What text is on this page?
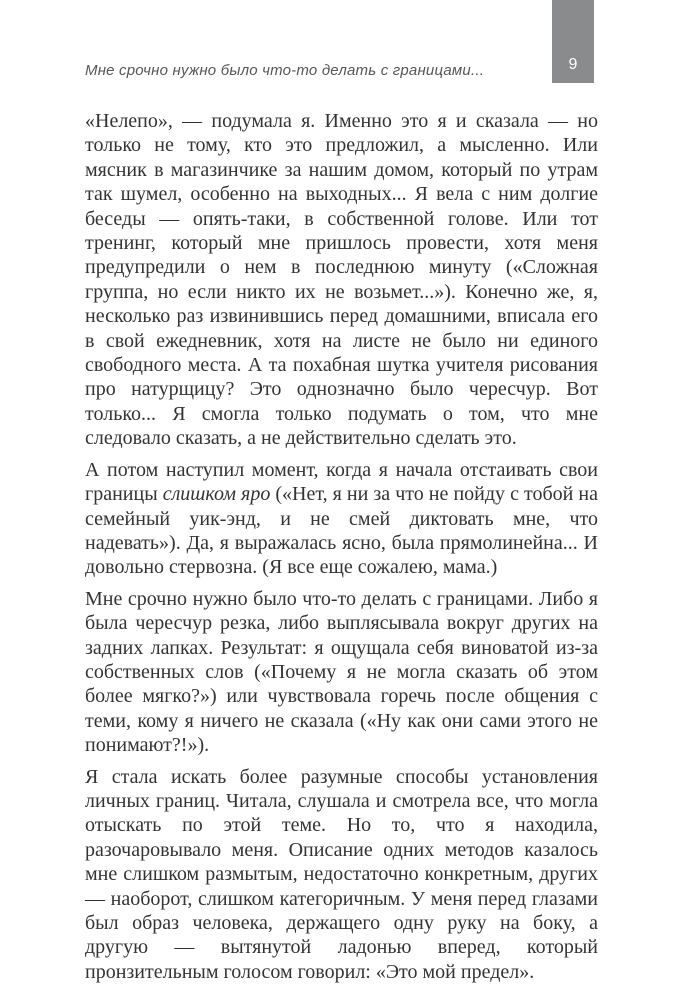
Мне срочно нужно было что-то делать с границами...	9

«Нелепо», — подумала я. Именно это я и сказала — но только не тому, кто это предложил, а мысленно. Или мясник в магазинчике за нашим домом, который по утрам так шумел, особенно на выходных... Я вела с ним долгие беседы — опять-таки, в собственной голове. Или тот тренинг, который мне пришлось провести, хотя меня предупредили о нем в последнюю минуту («Сложная группа, но если никто их не возьмет...»). Конечно же, я, несколько раз извинившись перед домашними, вписала его в свой ежедневник, хотя на листе не было ни единого свободного места. А та похабная шутка учителя рисования про натурщицу? Это однозначно было чересчур. Вот только... Я смогла только подумать о том, что мне следовало сказать, а не действительно сделать это.

А потом наступил момент, когда я начала отстаивать свои границы слишком яро («Нет, я ни за что не пойду с тобой на семейный уик-энд, и не смей диктовать мне, что надевать»). Да, я выражалась ясно, была прямолинейна... И довольно стервозна. (Я все еще сожалею, мама.)

Мне срочно нужно было что-то делать с границами. Либо я была чересчур резка, либо выплясывала вокруг других на задних лапках. Результат: я ощущала себя виноватой из-за собственных слов («Почему я не могла сказать об этом более мягко?») или чувствовала горечь после общения с теми, кому я ничего не сказала («Ну как они сами этого не понимают?!»).

Я стала искать более разумные способы установления личных границ. Читала, слушала и смотрела все, что могла отыскать по этой теме. Но то, что я находила, разочаровывало меня. Описание одних методов казалось мне слишком размытым, недостаточно конкретным, других — наоборот, слишком категоричным. У меня перед глазами был образ человека, держащего одну руку на боку, а другую — вытянутой ладонью вперед, который пронзительным голосом говорил: «Это мой предел».
